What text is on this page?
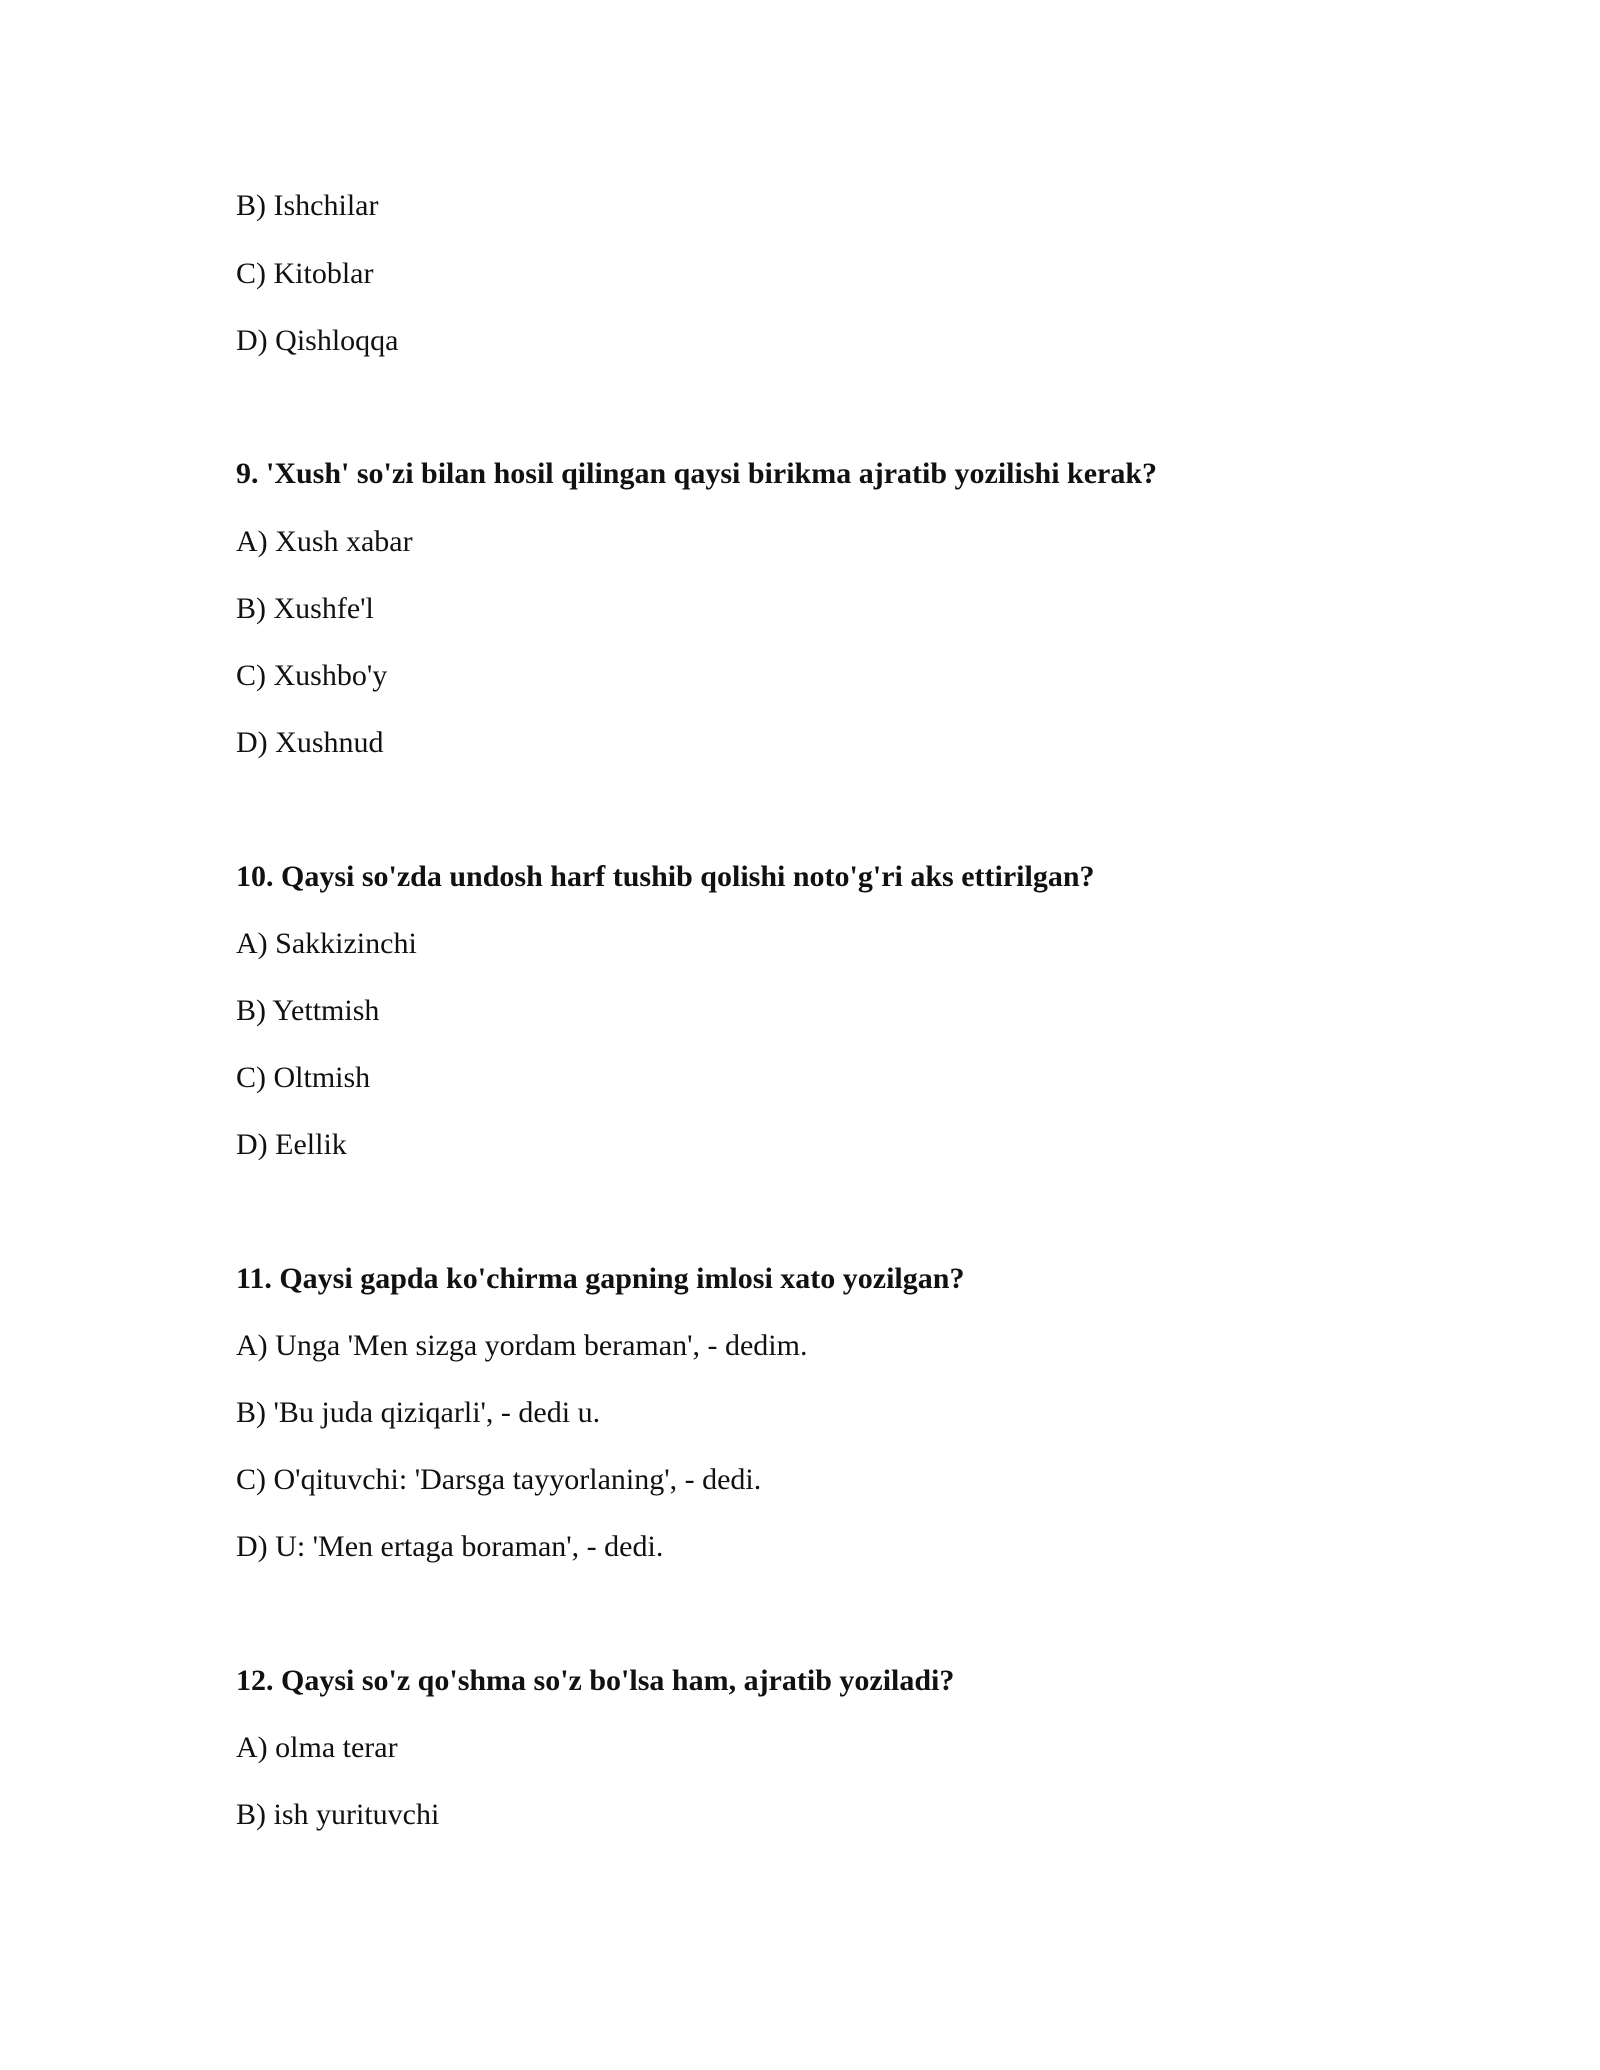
B) Ishchilar

C) Kitoblar

D) Qishloqqa

9. 'Xush' so'zi bilan hosil qilingan qaysi birikma ajratib yozilishi kerak?

A) Xush xabar

B) Xushfe'l

C) Xushbo'y

D) Xushnud

10. Qaysi so'zda undosh harf tushib qolishi noto'g'ri aks ettirilgan?

A) Sakkizinchi

B) Yettmish

C) Oltmish

D) Eellik

11. Qaysi gapda ko'chirma gapning imlosi xato yozilgan?

A) Unga 'Men sizga yordam beraman', - dedim.

B) 'Bu juda qiziqarli', - dedi u.

C) O'qituvchi: 'Darsga tayyorlaning', - dedi.

D) U: 'Men ertaga boraman', - dedi.

12. Qaysi so'z qo'shma so'z bo'lsa ham, ajratib yoziladi?

A) olma terar

B) ish yurituvchi
